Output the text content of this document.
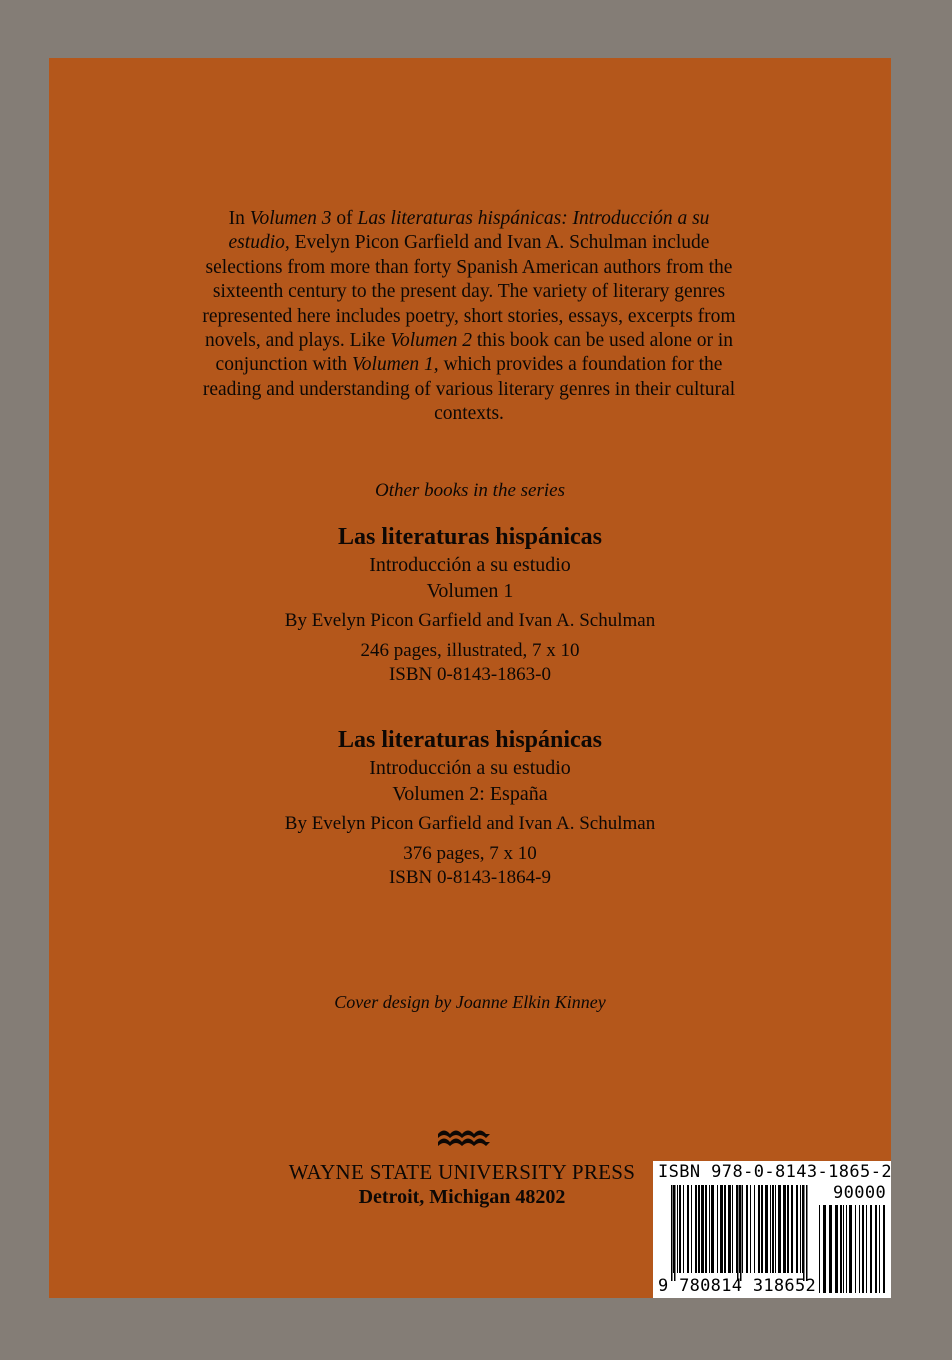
In Volumen 3 of Las literaturas hispánicas: Introducción a su estudio, Evelyn Picon Garfield and Ivan A. Schulman include selections from more than forty Spanish American authors from the sixteenth century to the present day. The variety of literary genres represented here includes poetry, short stories, essays, excerpts from novels, and plays. Like Volumen 2 this book can be used alone or in conjunction with Volumen 1, which provides a foundation for the reading and understanding of various literary genres in their cultural contexts.
Other books in the series
Las literaturas hispánicas
Introducción a su estudio
Volumen 1
By Evelyn Picon Garfield and Ivan A. Schulman
246 pages, illustrated, 7 x 10
ISBN 0-8143-1863-0
Las literaturas hispánicas
Introducción a su estudio
Volumen 2: España
By Evelyn Picon Garfield and Ivan A. Schulman
376 pages, 7 x 10
ISBN 0-8143-1864-9
Cover design by Joanne Elkin Kinney
WAYNE STATE UNIVERSITY PRESS
Detroit, Michigan 48202
ISBN 978-0-8143-1865-2
90000
9 780814 318652
